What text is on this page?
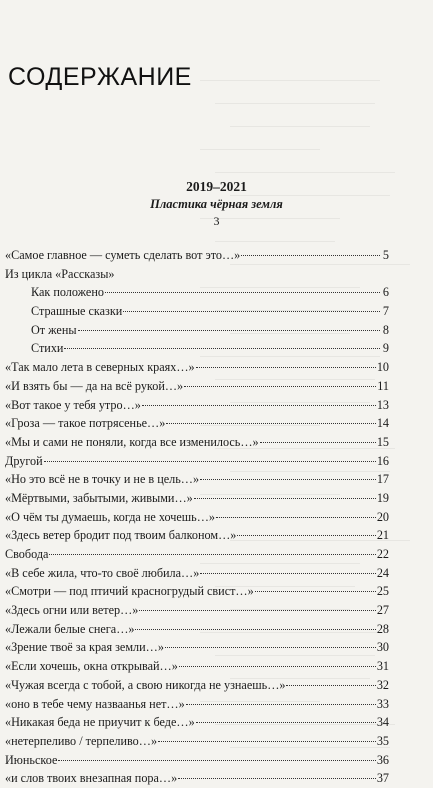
СОДЕРЖАНИЕ
2019–2021
Пластика чёрная земля
3
«Самое главное — суметь сделать вот это…»	5
Из цикла «Рассказы»
Как положено	6
Страшные сказки	7
От жены	8
Стихи	9
«Так мало лета в северных краях…»	10
«И взять бы — да на всё рукой…»	11
«Вот такое у тебя утро…»	13
«Гроза — такое потрясенье…»	14
«Мы и сами не поняли, когда все изменилось…»	15
Другой	16
«Но это всё не в точку и не в цель…»	17
«Мёртвыми, забытыми, живыми…»	19
«О чём ты думаешь, когда не хочешь…»	20
«Здесь ветер бродит под твоим балконом…»	21
Свобода	22
«В себе жила, что-то своё любила…»	24
«Смотри — под птичий красногрудый свист…»	25
«Здесь огни или ветер…»	27
«Лежали белые снега…»	28
«Зрение твоё за края земли…»	30
«Если хочешь, окна открывай…»	31
«Чужая всегда с тобой, а свою никогда не узнаешь…»	32
«оно в тебе чему назваанья нет…»	33
«Никакая беда не приучит к беде…»	34
«нетерпеливо / терпеливо…»	35
Июньское	36
«и слов твоих внезапная пора…»	37
